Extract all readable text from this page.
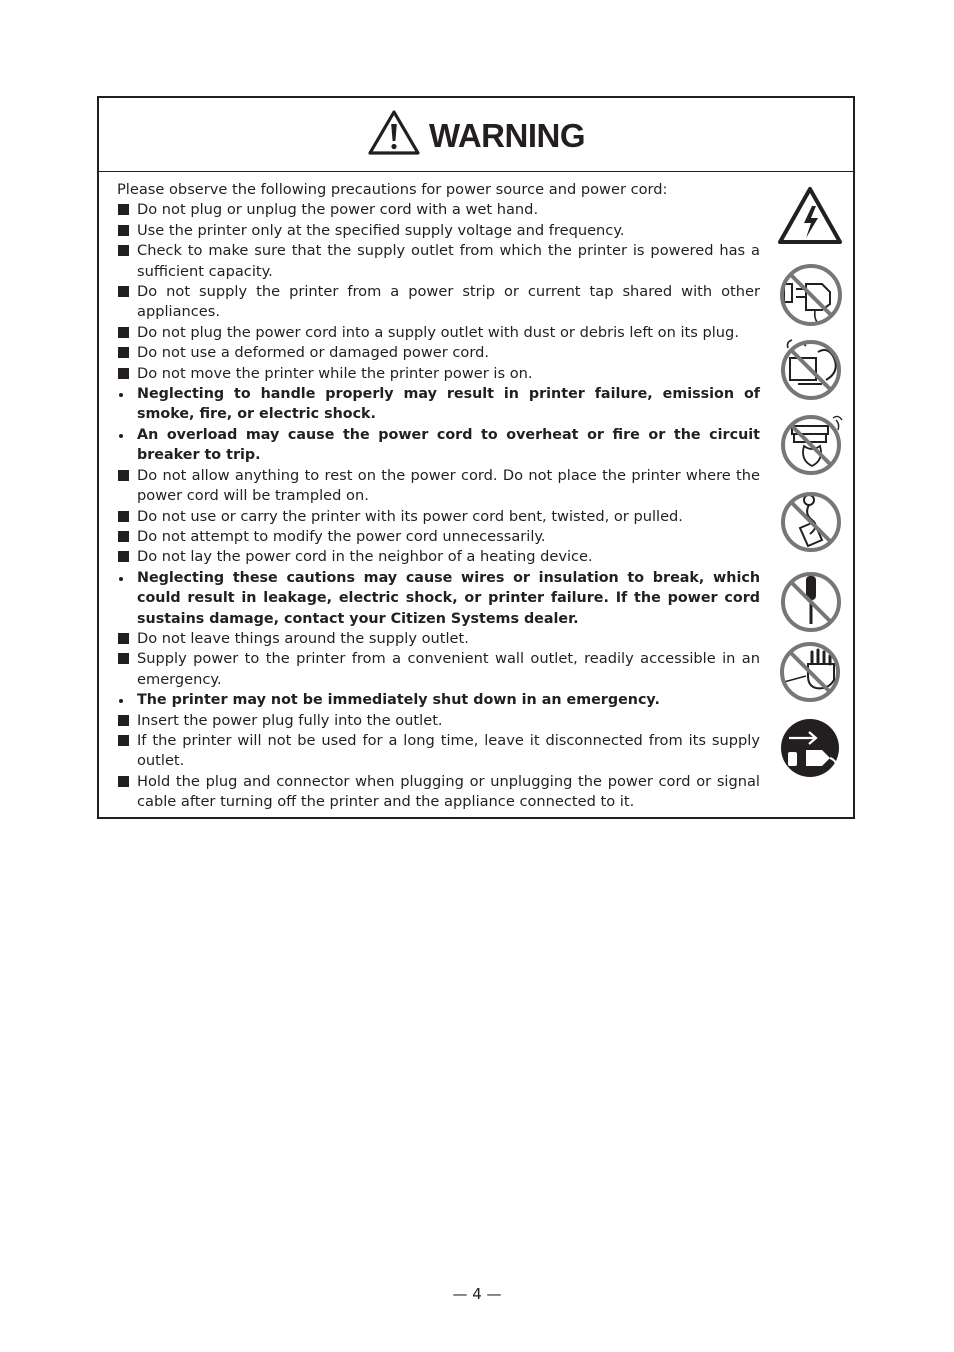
WARNING
Please observe the following precautions for power source and power cord:
Do not plug or unplug the power cord with a wet hand.
Use the printer only at the specified supply voltage and frequency.
Check to make sure that the supply outlet from which the printer is powered has a sufficient capacity.
Do not supply the printer from a power strip or current tap shared with other appliances.
Do not plug the power cord into a supply outlet with dust or debris left on its plug.
Do not use a deformed or damaged power cord.
Do not move the printer while the printer power is on.
Neglecting to handle properly may result in printer failure, emission of smoke, fire, or electric shock.
An overload may cause the power cord to overheat or fire or the circuit breaker to trip.
Do not allow anything to rest on the power cord. Do not place the printer where the power cord will be trampled on.
Do not use or carry the printer with its power cord bent, twisted, or pulled.
Do not attempt to modify the power cord unnecessarily.
Do not lay the power cord in the neighbor of a heating device.
Neglecting these cautions may cause wires or insulation to break, which could result in leakage, electric shock, or printer failure. If the power cord sustains damage, contact your Citizen Systems dealer.
Do not leave things around the supply outlet.
Supply power to the printer from a convenient wall outlet, readily accessible in an emergency.
The printer may not be immediately shut down in an emergency.
Insert the power plug fully into the outlet.
If the printer will not be used for a long time, leave it disconnected from its supply outlet.
Hold the plug and connector when plugging or unplugging the power cord or signal cable after turning off the printer and the appliance connected to it.
— 4 —
